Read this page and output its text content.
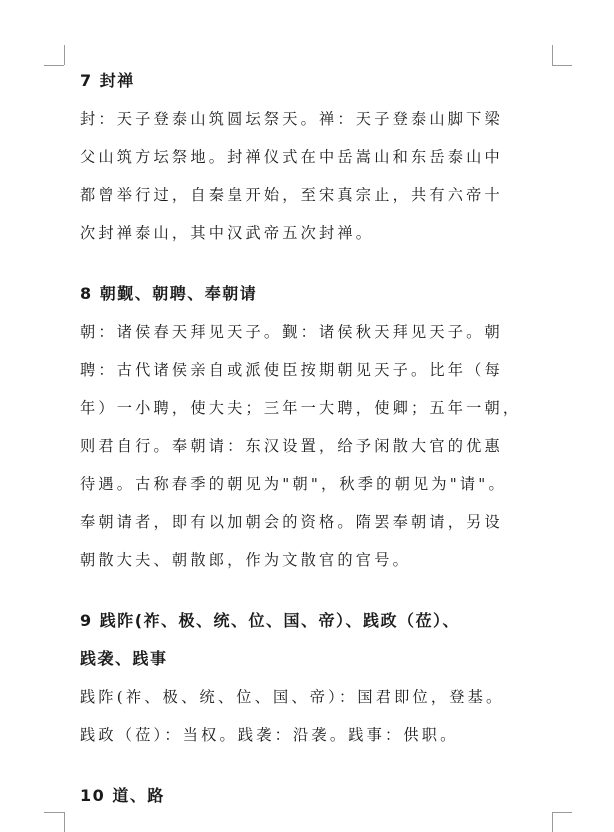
7 封禅

封：天子登泰山筑圆坛祭天。禅：天子登泰山脚下梁

父山筑方坛祭地。封禅仪式在中岳嵩山和东岳泰山中

都曾举行过，自秦皇开始，至宋真宗止，共有六帝十

次封禅泰山，其中汉武帝五次封禅。

8 朝觐、朝聘、奉朝请

朝：诸侯春天拜见天子。觐：诸侯秋天拜见天子。朝

聘：古代诸侯亲自或派使臣按期朝见天子。比年（每

年）一小聘，使大夫；三年一大聘，使卿；五年一朝，

则君自行。奉朝请：东汉设置，给予闲散大官的优惠

待遇。古称春季的朝见为"朝"，秋季的朝见为"请"。

奉朝请者，即有以加朝会的资格。隋罢奉朝请，另设

朝散大夫、朝散郎，作为文散官的官号。

9 践阼(祚、极、统、位、国、帝）、践政（莅）、

践袭、践事

践阼(祚、极、统、位、国、帝）：国君即位，登基。

践政（莅）：当权。践袭：沿袭。践事：供职。

10 道、路
